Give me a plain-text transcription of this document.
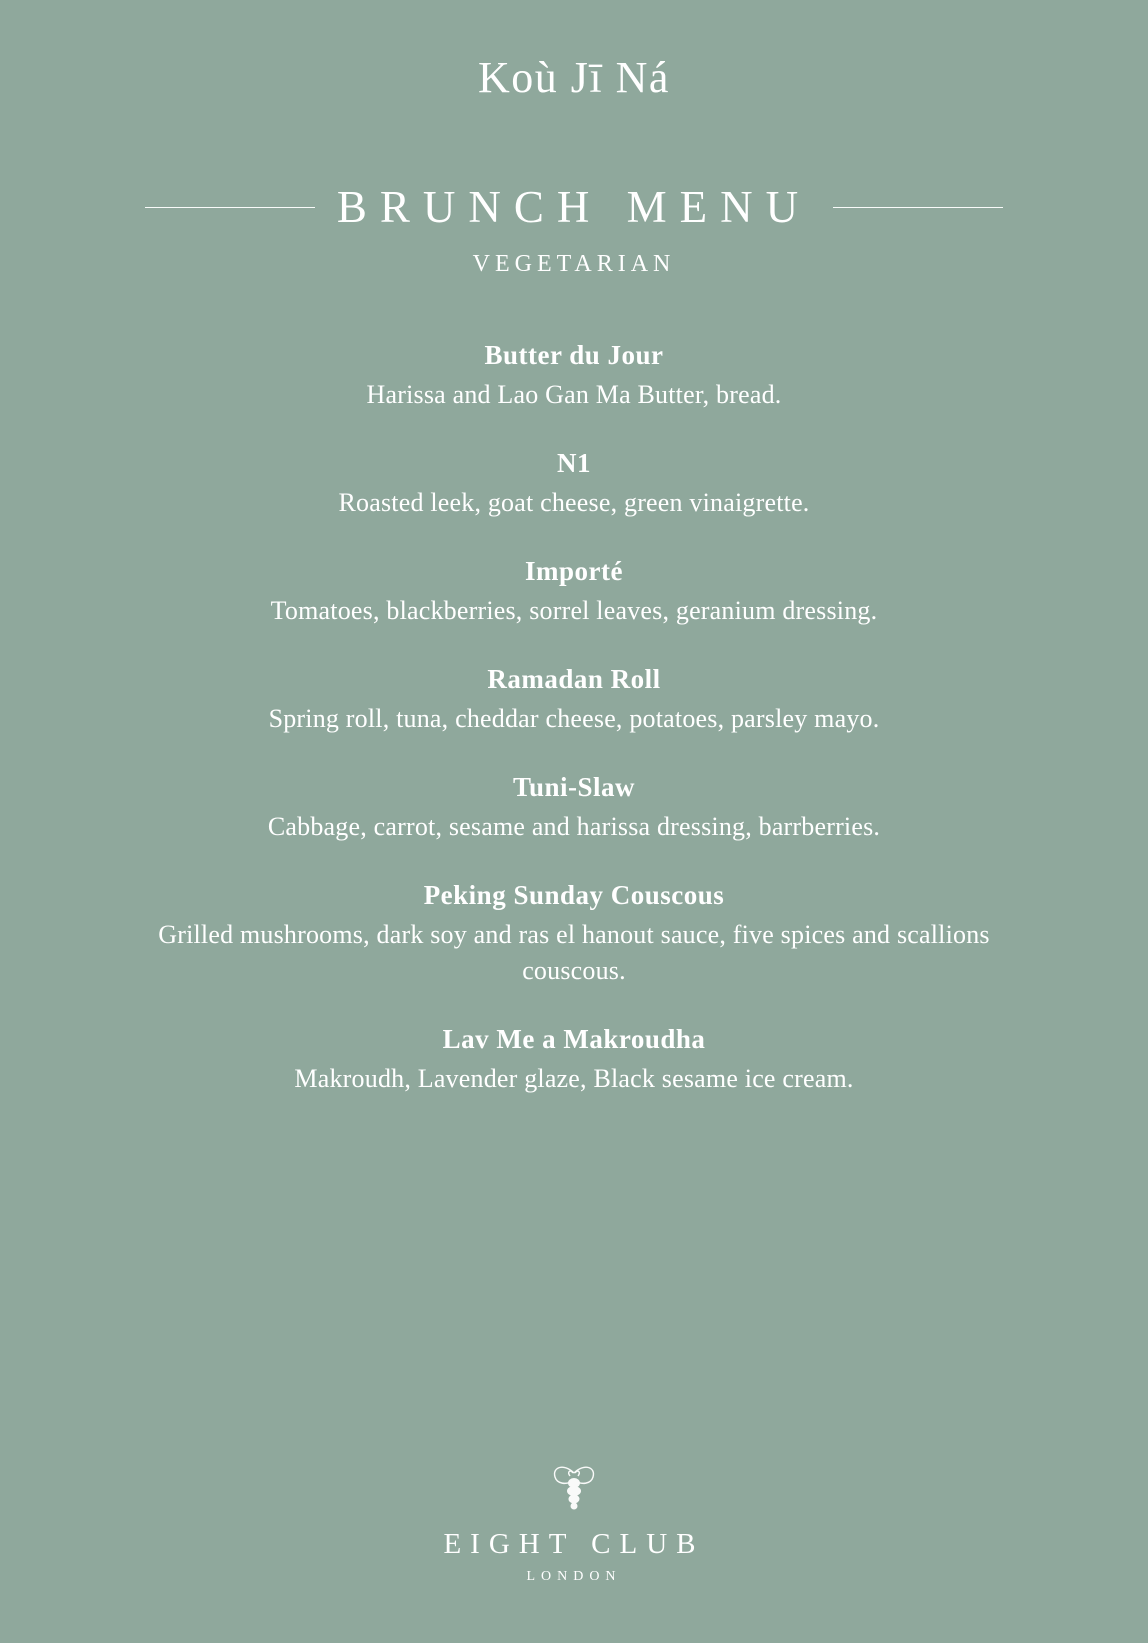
Koù Jī Ná
BRUNCH MENU
VEGETARIAN
Butter du Jour
Harissa and Lao Gan Ma Butter, bread.
N1
Roasted leek, goat cheese, green vinaigrette.
Importé
Tomatoes, blackberries, sorrel leaves, geranium dressing.
Ramadan Roll
Spring roll, tuna, cheddar cheese, potatoes, parsley mayo.
Tuni-Slaw
Cabbage, carrot, sesame and harissa dressing, barrberries.
Peking Sunday Couscous
Grilled mushrooms, dark soy and ras el hanout sauce, five spices and scallions couscous.
Lav Me a Makroudha
Makroudh, Lavender glaze, Black sesame ice cream.
EIGHT CLUB
LONDON
